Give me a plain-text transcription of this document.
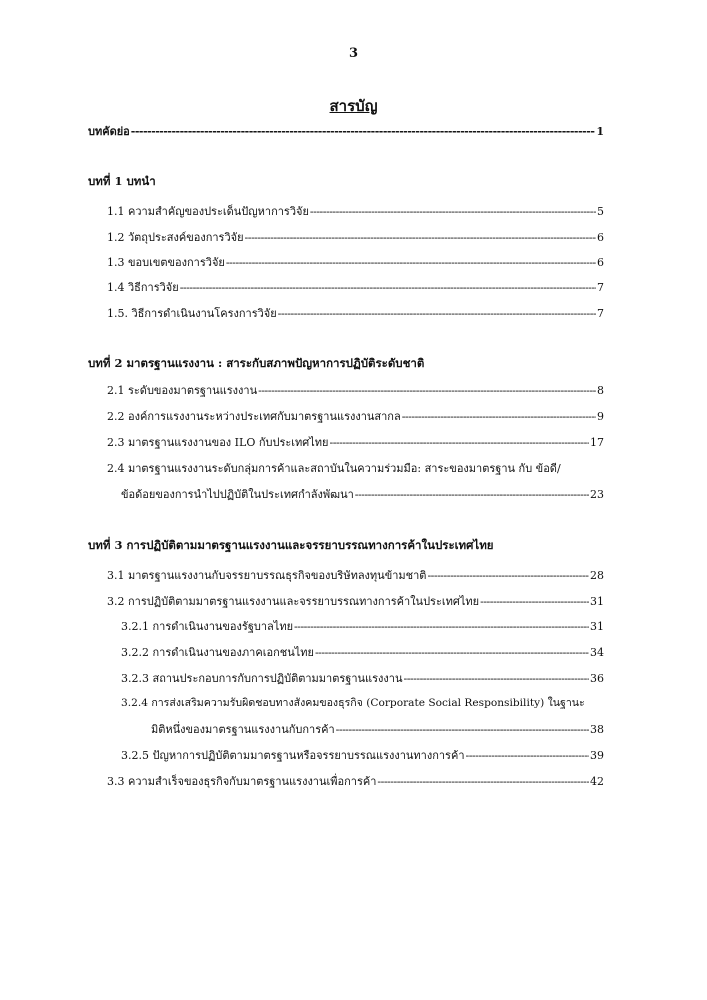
3
สารบัญ
บทคัดย่อ -----	1
บทที่ 1 บทนำ
1.1 ความสำคัญของประเด็นปัญหาการวิจัย -----	5
1.2 วัตถุประสงค์ของการวิจัย -----	6
1.3 ขอบเขตของการวิจัย -----	6
1.4 วิธีการวิจัย -----	7
1.5. วิธีการดำเนินงานโครงการวิจัย -----	7
บทที่ 2 มาตรฐานแรงงาน : สาระกับสภาพปัญหาการปฏิบัติระดับชาติ
2.1 ระดับของมาตรฐานแรงงาน -----	8
2.2 องค์การแรงงานระหว่างประเทศกับมาตรฐานแรงงานสากล -----	9
2.3 มาตรฐานแรงงานของ ILO กับประเทศไทย -----	17
2.4 มาตรฐานแรงงานระดับกลุ่มการค้าและสถาบันในความร่วมมือ: สาระของมาตรฐาน กับ ข้อดี/
ข้อด้อยของการนำไปปฏิบัติในประเทศกำลังพัฒนา -----	23
บทที่ 3 การปฏิบัติตามมาตรฐานแรงงานและจรรยาบรรณทางการค้าในประเทศไทย
3.1 มาตรฐานแรงงานกับจรรยาบรรณธุรกิจของบริษัทลงทุนข้ามชาติ -----	28
3.2 การปฏิบัติตามมาตรฐานแรงงานและจรรยาบรรณทางการค้าในประเทศไทย -----	31
3.2.1 การดำเนินงานของรัฐบาลไทย -----	31
3.2.2 การดำเนินงานของภาคเอกชนไทย -----	34
3.2.3 สถานประกอบการกับการปฏิบัติตามมาตรฐานแรงงาน -----	36
3.2.4 การส่งเสริมความรับผิดชอบทางสังคมของธุรกิจ (Corporate Social Responsibility) ในฐานะ
มิติหนึ่งของมาตรฐานแรงงานกับการค้า -----	38
3.2.5 ปัญหาการปฏิบัติตามมาตรฐานหรือจรรยาบรรณแรงงานทางการค้า -----	39
3.3 ความสำเร็จของธุรกิจกับมาตรฐานแรงงานเพื่อการค้า -----	42
